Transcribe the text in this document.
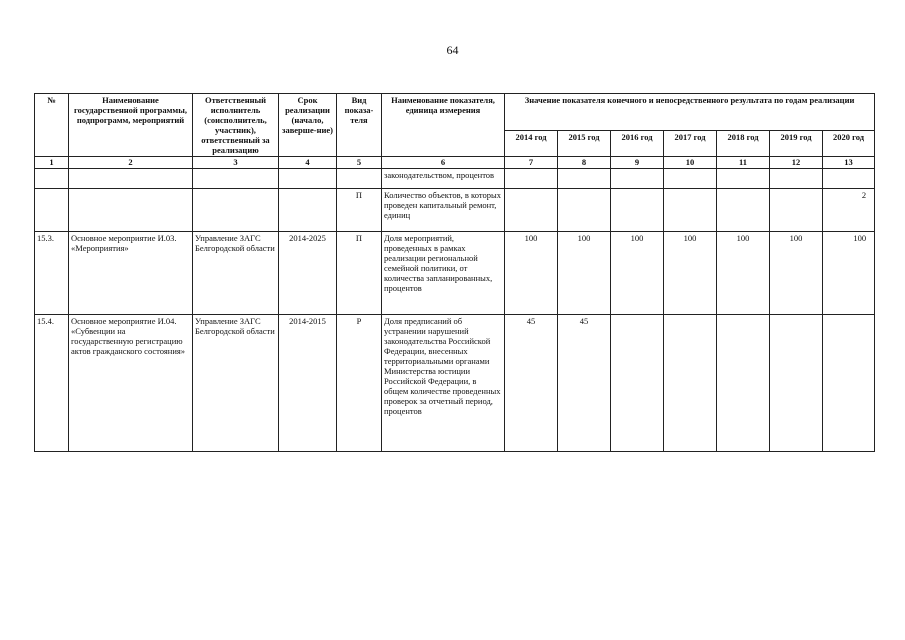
64
№	Наименование государственной программы, подпрограмм, мероприятий	Ответственный исполнитель (соисполнитель, участник), ответственный за реализацию	Срок реализации (начало, заверше-ние)	Вид показа-теля	Наименование показателя, единица измерения	Значение показателя конечного и непосредственного результата по годам реализации						
						2014 год	2015 год	2016 год	2017 год	2018 год	2019 год	2020 год
1	2	3	4	5	6	7	8	9	10	11	12	13
					законодательством, процентов							
				П	Количество объектов, в которых проведен капитальный ремонт, единиц							2
15.3.	Основное мероприятие И.03. «Мероприятия»	Управление ЗАГС Белгородской области	2014-2025	П	Доля мероприятий, проведенных в рамках реализации региональной семейной политики, от количества запланированных, процентов	100	100	100	100	100	100	100
15.4.	Основное мероприятие И.04. «Субвенции на государственную регистрацию актов гражданского состояния»	Управление ЗАГС Белгородской области	2014-2015	Р	Доля предписаний об устранении нарушений законодательства Российской Федерации, внесенных территориальными органами Министерства юстиции Российской Федерации, в общем количестве проведенных проверок за отчетный период, процентов	45	45					
